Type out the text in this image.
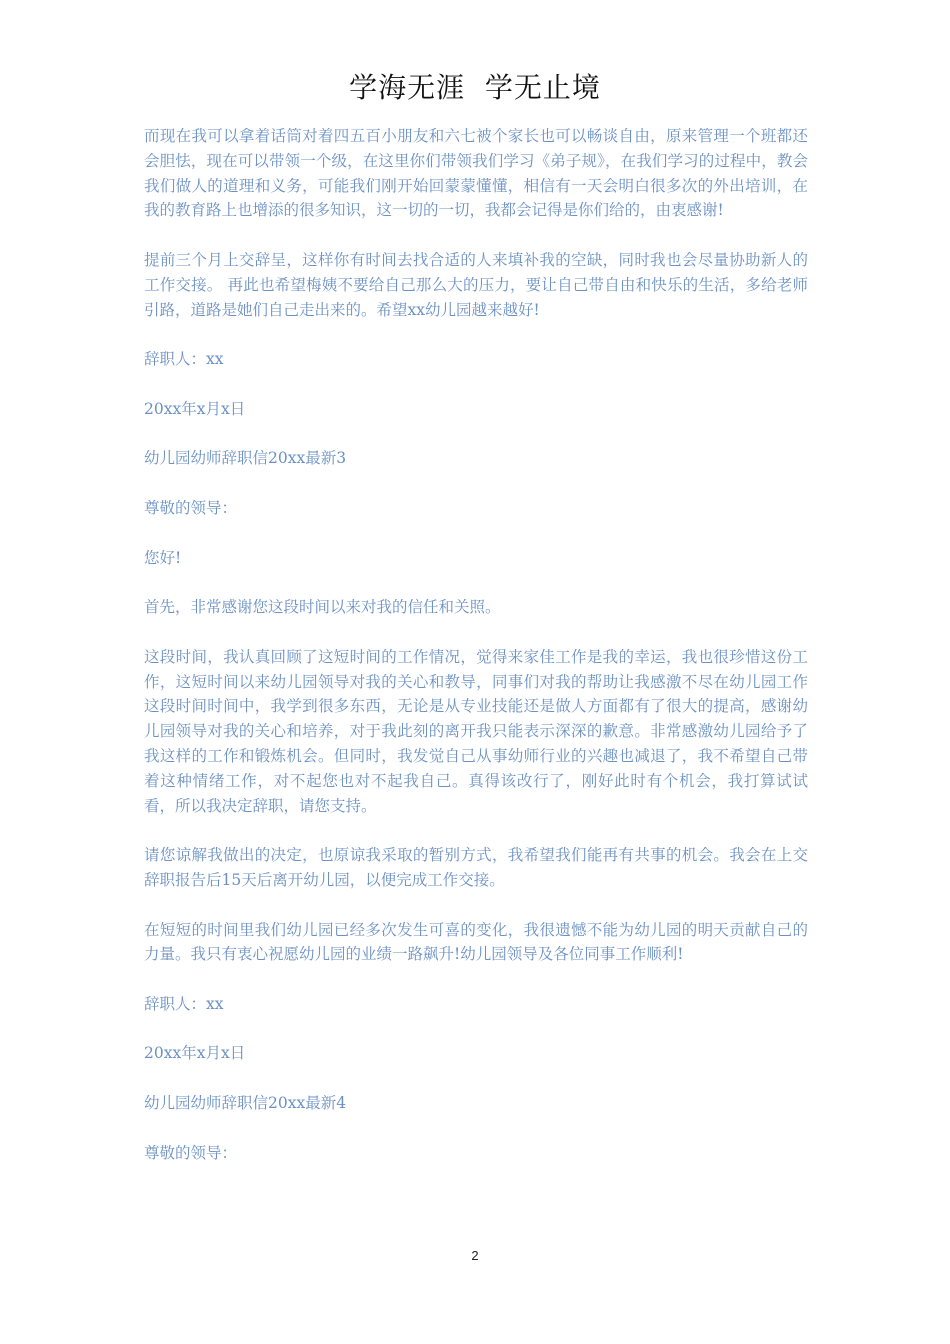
学海无涯  学无止境

而现在我可以拿着话筒对着四五百小朋友和六七被个家长也可以畅谈自由，原来管理一个班都还会胆怯，现在可以带领一个级，在这里你们带领我们学习《弟子规》，在我们学习的过程中，教会我们做人的道理和义务，可能我们刚开始回蒙蒙懂懂，相信有一天会明白很多次的外出培训，在我的教育路上也增添的很多知识，这一切的一切，我都会记得是你们给的，由衷感谢!

提前三个月上交辞呈，这样你有时间去找合适的人来填补我的空缺，同时我也会尽量协助新人的工作交接。 再此也希望梅姨不要给自己那么大的压力，要让自己带自由和快乐的生活，多给老师引路，道路是她们自己走出来的。希望xx幼儿园越来越好!

辞职人：xx

20xx年x月x日

幼儿园幼师辞职信20xx最新3

尊敬的领导：

您好!

首先，非常感谢您这段时间以来对我的信任和关照。

这段时间，我认真回顾了这短时间的工作情况，觉得来家佳工作是我的幸运，我也很珍惜这份工作，这短时间以来幼儿园领导对我的关心和教导，同事们对我的帮助让我感激不尽在幼儿园工作这段时间时间中，我学到很多东西，无论是从专业技能还是做人方面都有了很大的提高，感谢幼儿园领导对我的关心和培养，对于我此刻的离开我只能表示深深的歉意。非常感激幼儿园给予了我这样的工作和锻炼机会。但同时，我发觉自己从事幼师行业的兴趣也减退了，我不希望自己带着这种情绪工作，对不起您也对不起我自己。真得该改行了，刚好此时有个机会，我打算试试看，所以我决定辞职，请您支持。

请您谅解我做出的决定，也原谅我采取的暂别方式，我希望我们能再有共事的机会。我会在上交辞职报告后15天后离开幼儿园，以便完成工作交接。

在短短的时间里我们幼儿园已经多次发生可喜的变化，我很遗憾不能为幼儿园的明天贡献自己的力量。我只有衷心祝愿幼儿园的业绩一路飙升!幼儿园领导及各位同事工作顺利!

辞职人：xx

20xx年x月x日

幼儿园幼师辞职信20xx最新4

尊敬的领导：

2
